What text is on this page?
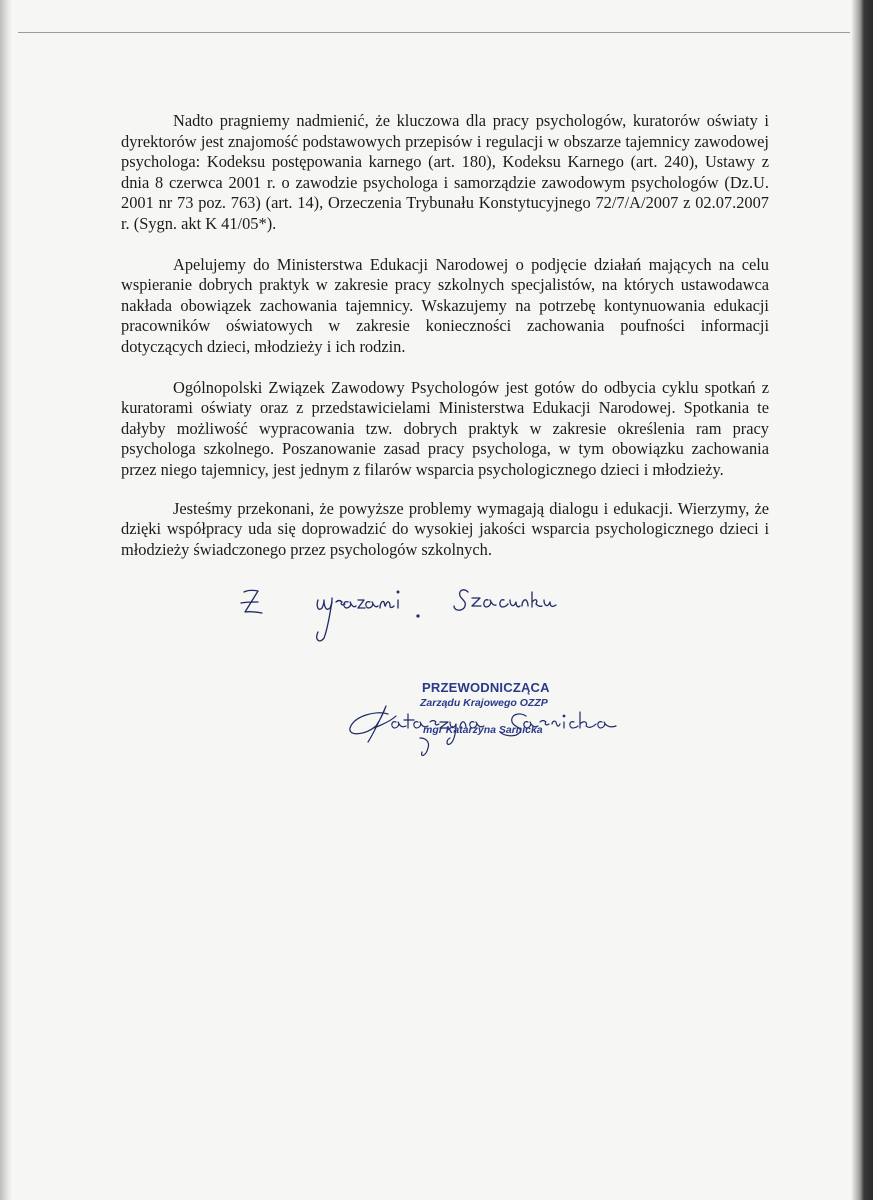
Nadto pragniemy nadmienić, że kluczowa dla pracy psychologów, kuratorów oświaty i dyrektorów jest znajomość podstawowych przepisów i regulacji w obszarze tajemnicy zawodowej psychologa: Kodeksu postępowania karnego (art. 180), Kodeksu Karnego (art. 240), Ustawy z dnia 8 czerwca 2001 r. o zawodzie psychologa i samorządzie zawodowym psychologów (Dz.U. 2001 nr 73 poz. 763) (art. 14), Orzeczenia Trybunału Konstytucyjnego 72/7/A/2007 z 02.07.2007 r. (Sygn. akt K 41/05*).

Apelujemy do Ministerstwa Edukacji Narodowej o podjęcie działań mających na celu wspieranie dobrych praktyk w zakresie pracy szkolnych specjalistów, na których ustawodawca nakłada obowiązek zachowania tajemnicy. Wskazujemy na potrzebę kontynuowania edukacji pracowników oświatowych w zakresie konieczności zachowania poufności informacji dotyczących dzieci, młodzieży i ich rodzin.

Ogólnopolski Związek Zawodowy Psychologów jest gotów do odbycia cyklu spotkań z kuratorami oświaty oraz z przedstawicielami Ministerstwa Edukacji Narodowej. Spotkania te dałyby możliwość wypracowania tzw. dobrych praktyk w zakresie określenia ram pracy psychologa szkolnego. Poszanowanie zasad pracy psychologa, w tym obowiązku zachowania przez niego tajemnicy, jest jednym z filarów wsparcia psychologicznego dzieci i młodzieży.

Jesteśmy przekonani, że powyższe problemy wymagają dialogu i edukacji. Wierzymy, że dzięki współpracy uda się doprowadzić do wysokiej jakości wsparcia psychologicznego dzieci i młodzieży świadczonego przez psychologów szkolnych.

PRZEWODNICZĄCA
Zarządu Krajowego OZZP
mgr Katarzyna Sarnicka
